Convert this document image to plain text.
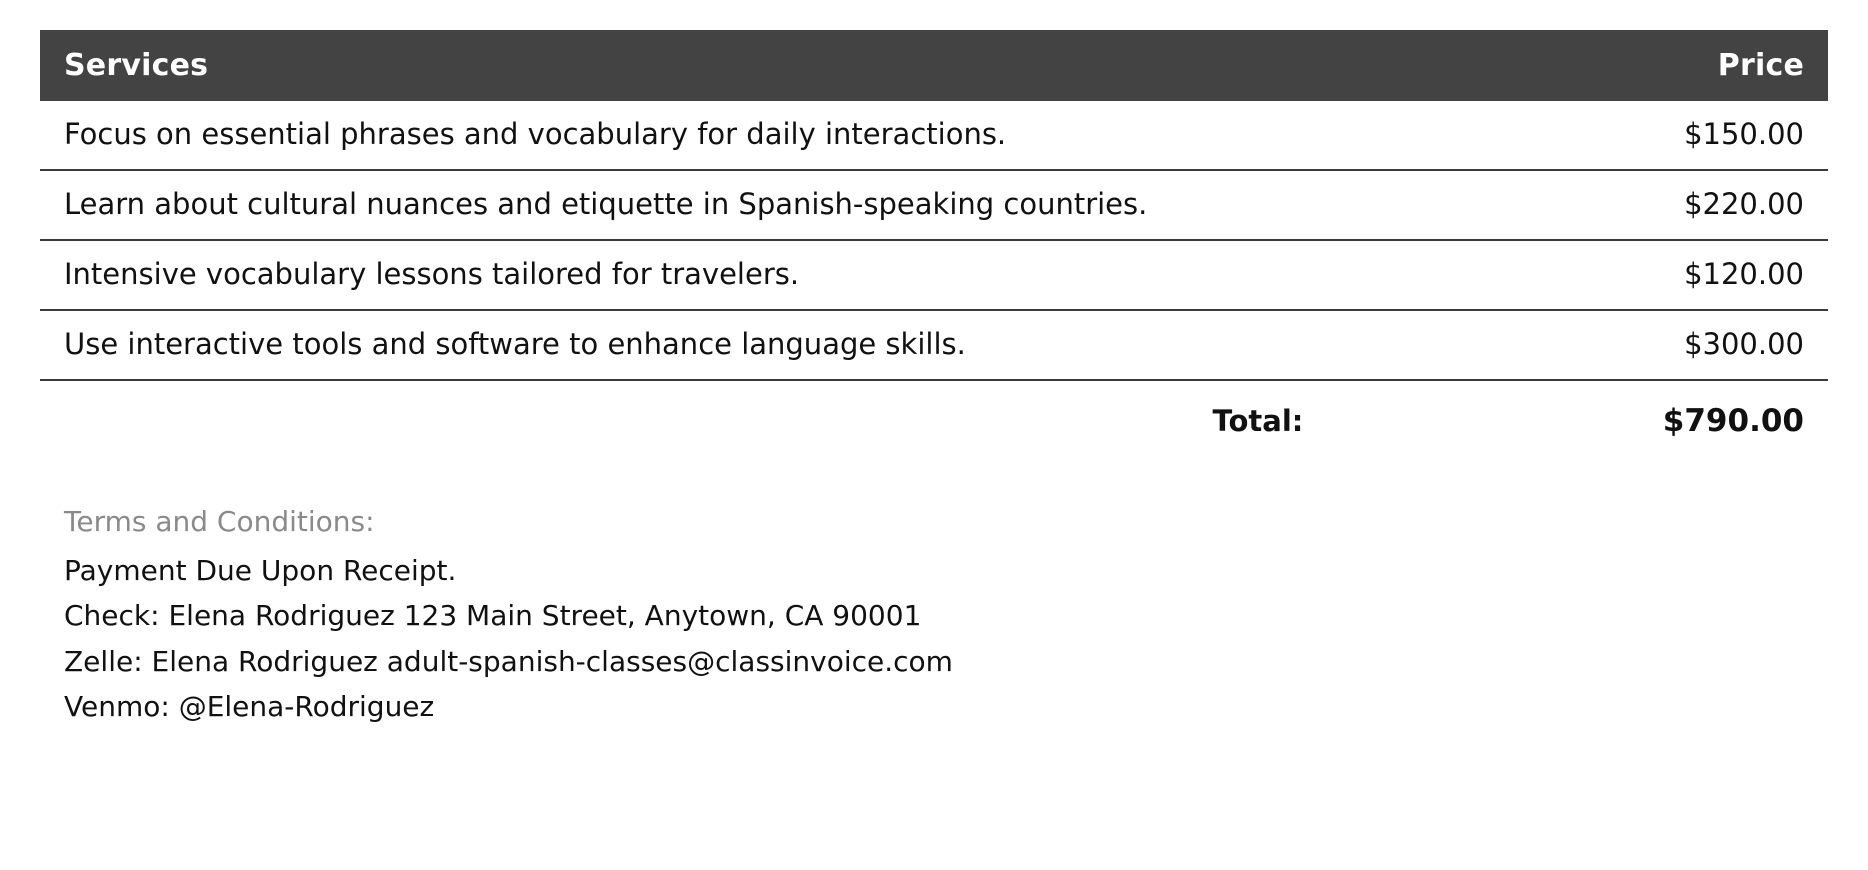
Services	Price
Focus on essential phrases and vocabulary for daily interactions.	$150.00
Learn about cultural nuances and etiquette in Spanish-speaking countries.	$220.00
Intensive vocabulary lessons tailored for travelers.	$120.00
Use interactive tools and software to enhance language skills.	$300.00
Total:	$790.00
Terms and Conditions:
Payment Due Upon Receipt.
Check: Elena Rodriguez 123 Main Street, Anytown, CA 90001
Zelle: Elena Rodriguez adult-spanish-classes@classinvoice.com
Venmo: @Elena-Rodriguez
